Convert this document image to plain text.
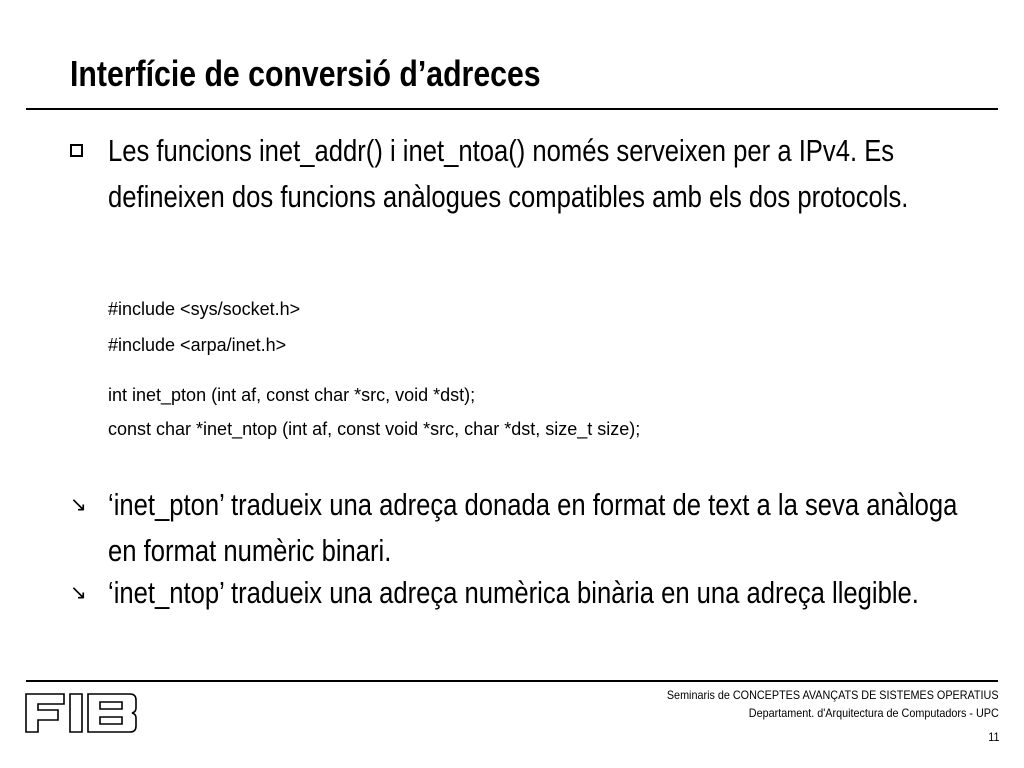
Interfície de conversió d’adreces

Les funcions inet_addr() i inet_ntoa() només serveixen per a IPv4. Es defineixen dos funcions anàlogues compatibles amb els dos protocols.

#include <sys/socket.h>
#include <arpa/inet.h>
int inet_pton (int af, const char *src, void *dst);
const char *inet_ntop (int af, const void *src, char *dst, size_t size);
↘ ‘inet_pton’ tradueix una adreça donada en format de text a la seva anàloga en format numèric binari.

↘ ‘inet_ntop’ tradueix una adreça numèrica binària en una adreça llegible.

Seminaris de CONCEPTES AVANÇATS DE SISTEMES OPERATIUS
Departament. d'Arquitectura de Computadors - UPC
11
